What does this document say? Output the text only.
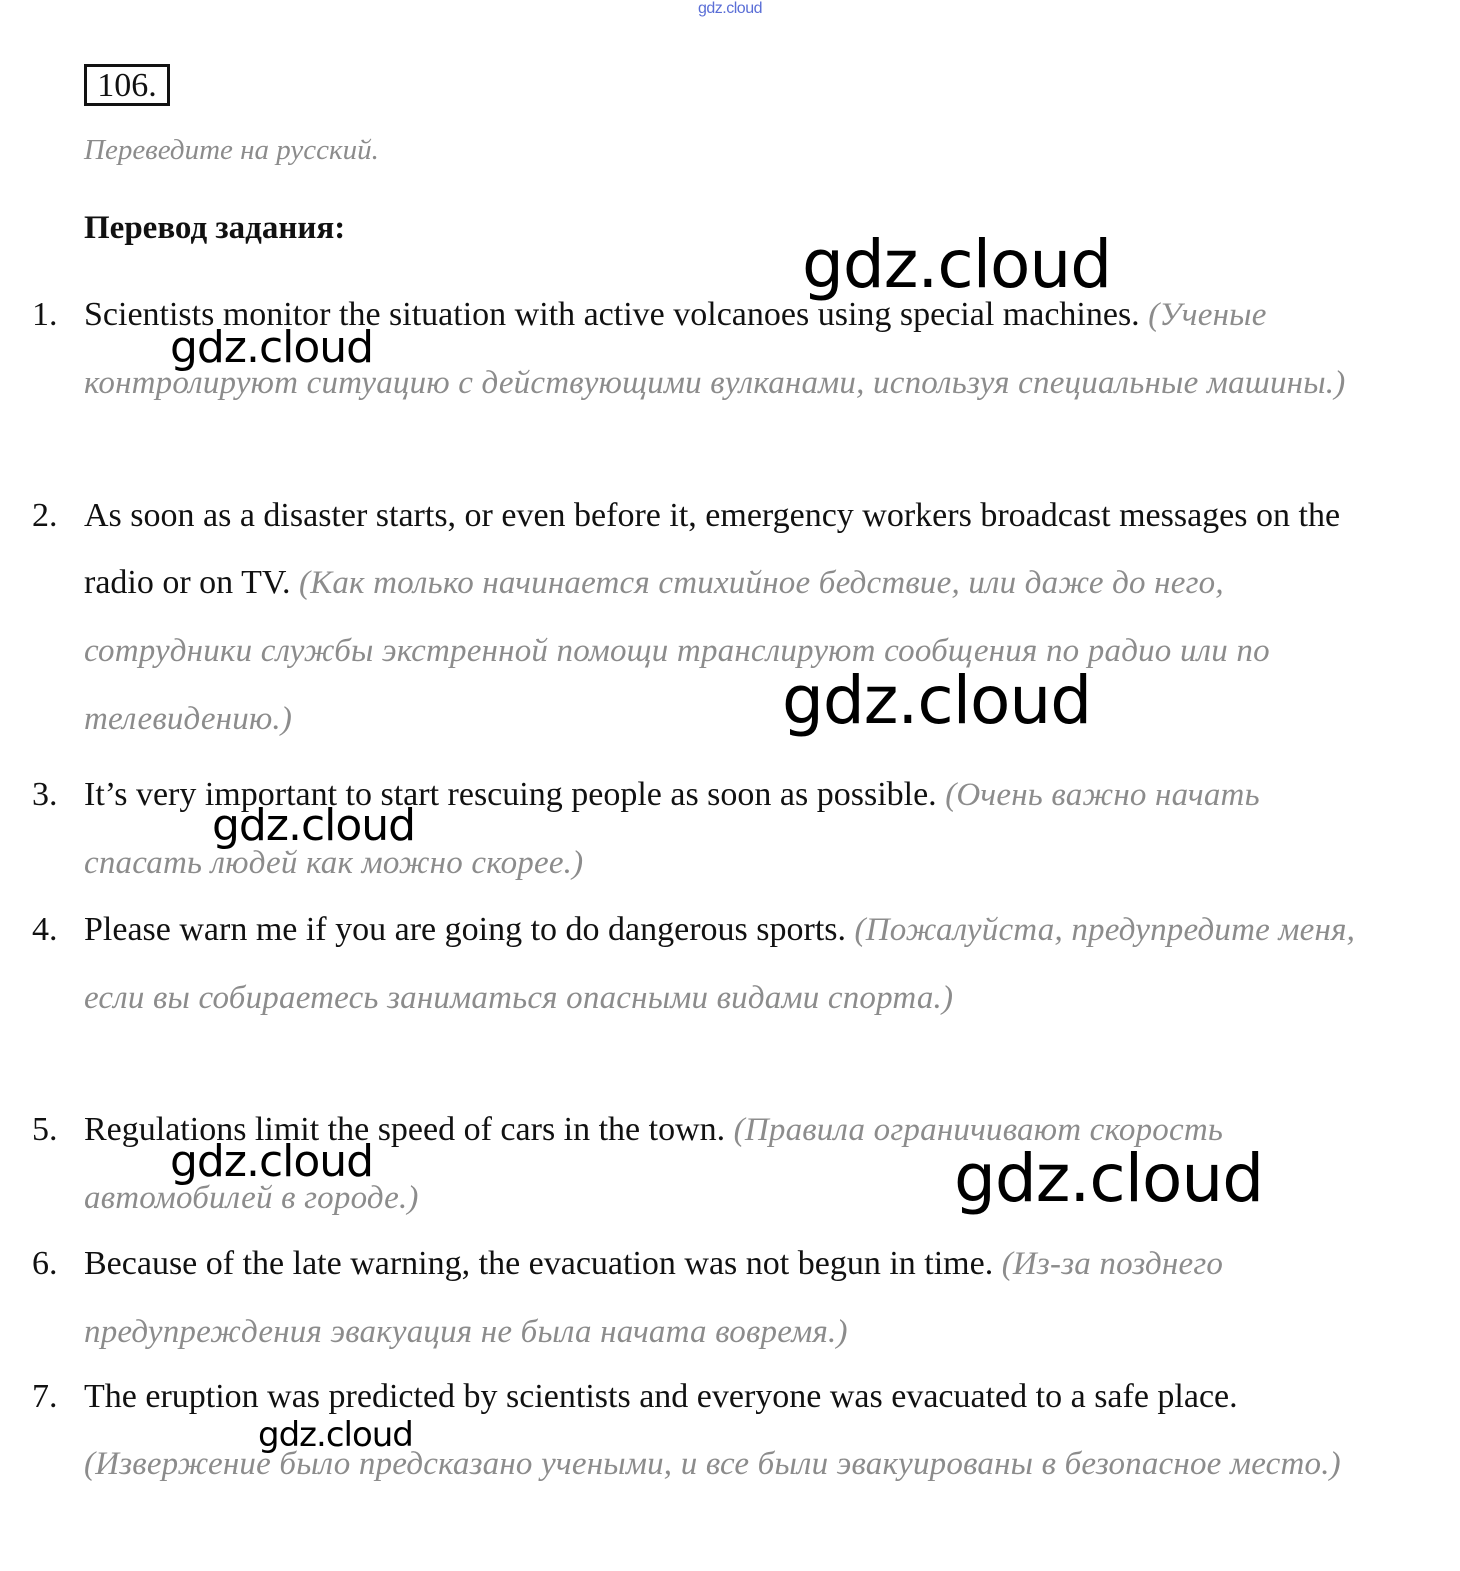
gdz.cloud
106.
Переведите на русский.
Перевод задания:
1. Scientists monitor the situation with active volcanoes using special machines. (Ученые контролируют ситуацию с действующими вулканами, используя специальные машины.)

2. As soon as a disaster starts, or even before it, emergency workers broadcast messages on the radio or on TV. (Как только начинается стихийное бедствие, или даже до него, сотрудники службы экстренной помощи транслируют сообщения по радио или по телевидению.)

3. It’s very important to start rescuing people as soon as possible. (Очень важно начать спасать людей как можно скорее.)

4. Please warn me if you are going to do dangerous sports. (Пожалуйста, предупредите меня, если вы собираетесь заниматься опасными видами спорта.)

5. Regulations limit the speed of cars in the town. (Правила ограничивают скорость автомобилей в городе.)

6. Because of the late warning, the evacuation was not begun in time. (Из-за позднего предупреждения эвакуация не была начата вовремя.)

7. The eruption was predicted by scientists and everyone was evacuated to a safe place. (Извержение было предсказано учеными, и все были эвакуированы в безопасное место.)

gdz.cloud
gdz.cloud
gdz.cloud
gdz.cloud
gdz.cloud	gdz.cloud
gdz.cloud
